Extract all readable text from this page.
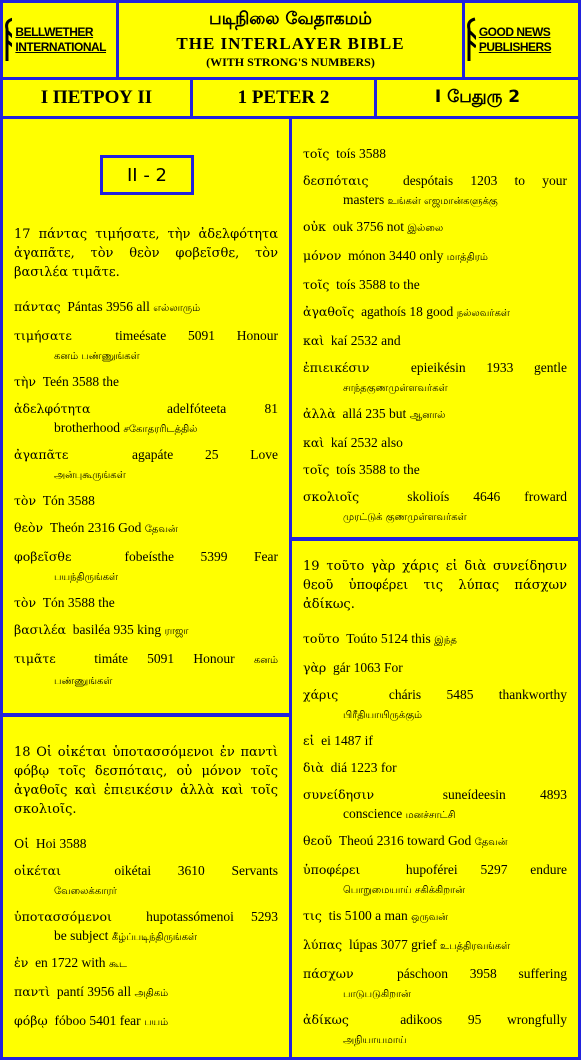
BELLWETHER INTERNATIONAL
படிநிலை வேதாகமம்
THE INTERLAYER BIBLE
(WITH STRONG'S NUMBERS)
GOOD NEWS PUBLISHERS
Ι ΠΕΤΡΟΥ ΙΙ	1 PETER 2	I பேதுரு 2
II - 2
17 πάντας τιμήσατε, τὴν ἀδελφότητα ἀγαπᾶτε, τὸν θεὸν φοβεῖσθε, τὸν βασιλέα τιμᾶτε.
πάντας Pántas 3956 all எல்லாரும்
τιμήσατε	timeésate 5091 Honour
கனம் பண்ணுங்கள்
τὴν Teén 3588 the
ἀδελφότητα	adelfóteeta 81
brotherhood சகோதரரிடத்தில்
ἀγαπᾶτε	agapáte 25 Love
அன்புகூருங்கள்
τὸν Tón 3588
θεὸν Theón 2316 God தேவன்
φοβεῖσθε	fobeísthe 5399 Fear
பயந்திருங்கள்
τὸν Tón 3588 the
βασιλέα basiléa 935 king ராஜா
τιμᾶτε	timáte 5091 Honour கனம்
பண்ணுங்கள்
18 Οἱ οἰκέται ὑποτασσόμενοι ἐν παντὶ φόβῳ τοῖς δεσπόταις, οὐ μόνον τοῖς ἀγαθοῖς καὶ ἐπιεικέσιν ἀλλὰ καὶ τοῖς σκολιοῖς.
Οἱ Hoi 3588
οἰκέται	oikétai 3610 Servants
வேலைக்காரர்
ὑποτασσόμενοι	hupotassómenoi 5293
be subject கீழ்ப்படிந்திருங்கள்
ἐν en 1722 with கூட
παντὶ pantí 3956 all அதிகம்
φόβῳ fóboo 5401 fear பயம்
τοῖς toís 3588
δεσπόταις	despótais 1203 to your
masters உங்கள் எஜமான்களுக்கு
οὐκ ouk 3756 not இல்லை
μόνον mónon 3440 only மாத்திரம்
τοῖς toís 3588 to the
ἀγαθοῖς agathoís 18 good நல்லவர்கள்
καὶ kaí 2532 and
ἐπιεικέσιν	epieikésin 1933 gentle
சாந்தகுணமுள்ளவர்கள்
ἀλλὰ allá 235 but ஆனால்
καὶ kaí 2532 also
τοῖς toís 3588 to the
σκολιοῖς	skolioís 4646 froward
முரட்டுக் குணமுள்ளவர்கள்
19 τοῦτο γὰρ χάρις εἰ διὰ συνείδησιν θεοῦ ὑποφέρει τις λύπας πάσχων ἀδίκως.
τοῦτο Toúto 5124 this இந்த
γὰρ gár 1063 For
χάρις	cháris 5485 thankworthy
பிரீதியாயிருக்கும்
εἰ ei 1487 if
διὰ diá 1223 for
συνείδησιν	suneídeesin 4893
conscience மனச்சாட்சி
θεοῦ Theoú 2316 toward God தேவன்
ὑποφέρει	hupoférei 5297 endure
பொறுமையாய் சகிக்கிறான்
τις tis 5100 a man ஒருவன்
λύπας lúpas 3077 grief உபத்திரவங்கள்
πάσχων	páschoon 3958 suffering
பாடுபடுகிறான்
ἀδίκως	adikoos 95 wrongfully
அநியாயமாய்
